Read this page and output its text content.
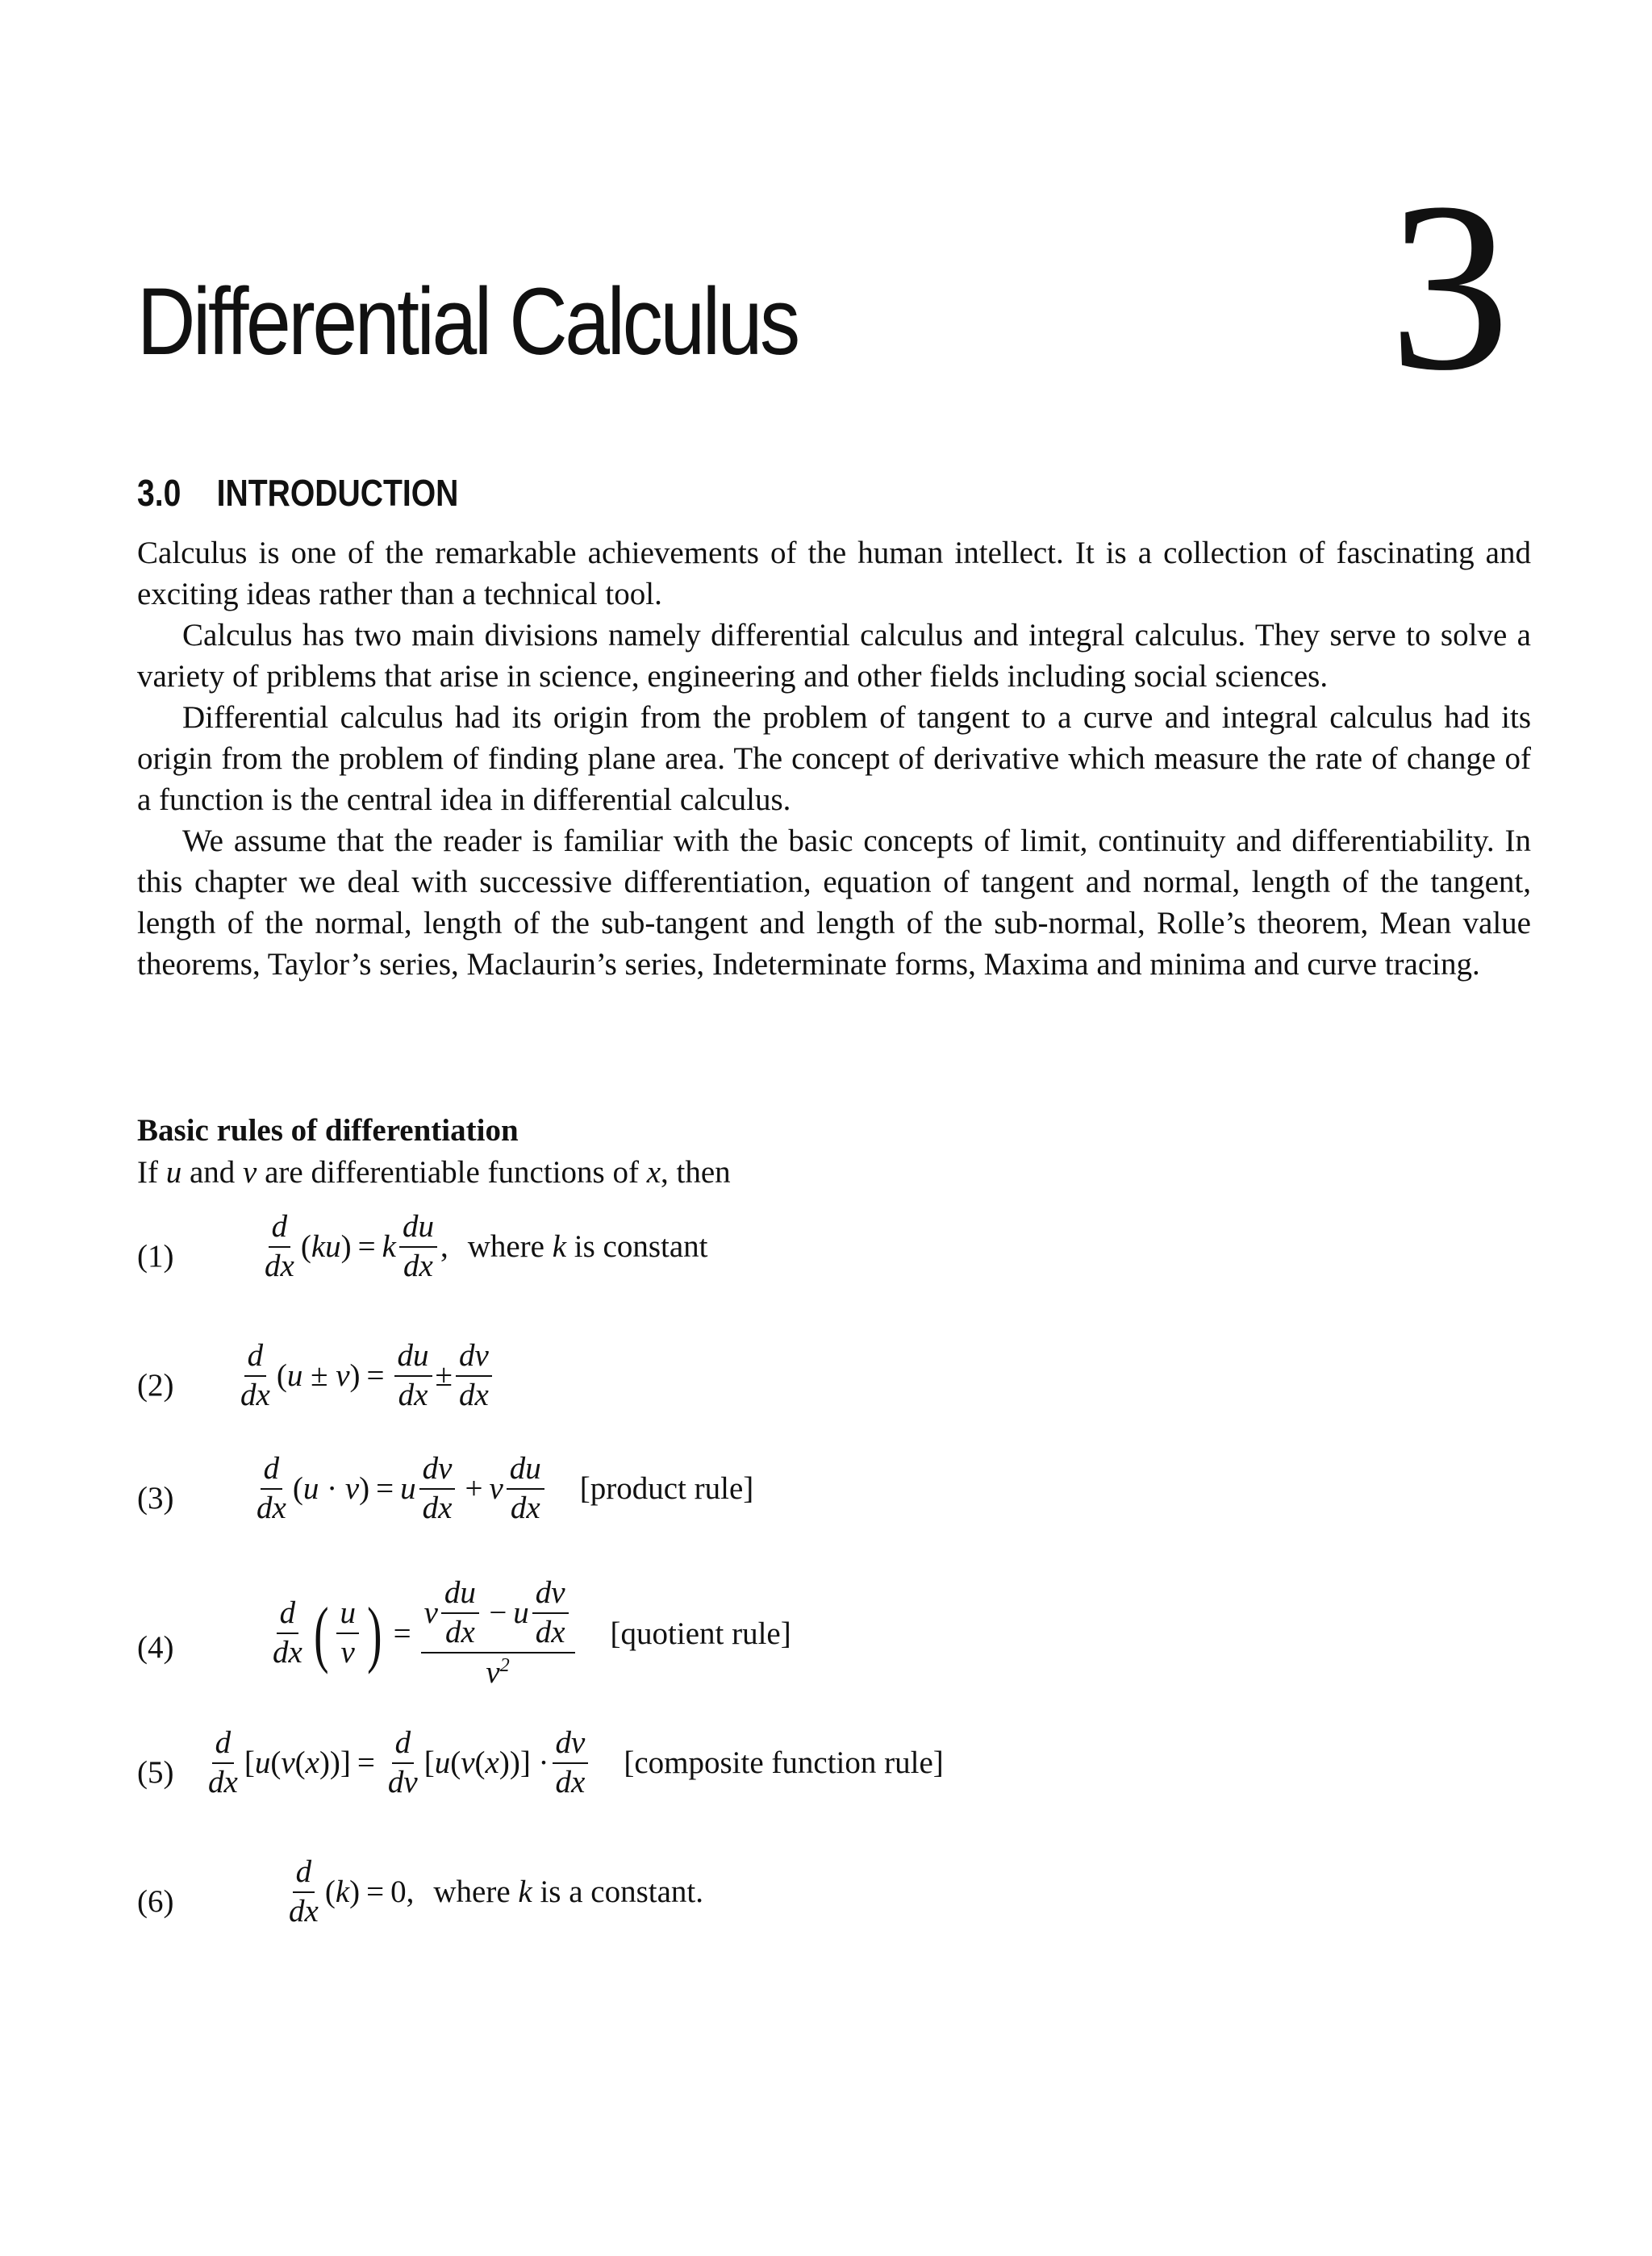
Differential Calculus 3
3.0 INTRODUCTION

Calculus is one of the remarkable achievements of the human intellect. It is a collection of fascinating and exciting ideas rather than a technical tool.

Calculus has two main divisions namely differential calculus and integral calculus. They serve to solve a variety of priblems that arise in science, engineering and other fields including social sciences.

Differential calculus had its origin from the problem of tangent to a curve and integral calculus had its origin from the problem of finding plane area. The concept of derivative which measure the rate of change of a function is the central idea in differential calculus.

We assume that the reader is familiar with the basic concepts of limit, continuity and differentiability. In this chapter we deal with successive differentiation, equation of tangent and normal, length of the tangent, length of the normal, length of the sub-tangent and length of the sub-normal, Rolle’s theorem, Mean value theorems, Taylor’s series, Maclaurin’s series, Indeterminate forms, Maxima and minima and curve tracing.

Basic rules of differentiation
If u and v are differentiable functions of x, then
(1)	$\frac{d}{dx} (ku) = k \frac{du}{dx}$ , where k is constant
$(2) \frac{d}{dx} (u \pm v) = \frac{du}{dx} \pm \frac{dv}{dx}$
(3)	$\frac{d}{dx} (u \cdot v) = u \frac{dv}{dx} + v \frac{du}{dx}$ [product rule]
(4)	$\frac{d}{dx}$ ( $\frac{u}{v}$ ) = $\frac{v \frac{du}{dx} - u \frac{dv}{dx}}{v^2}$ [quotient rule]
$(5) \frac{d}{dx} [u(v(x))] = \frac{d}{dv} [u(v(x))] \cdot \frac{dv}{dx}$ [composite function rule]
(6)	$\frac{d}{dx} (k) = 0$, where k is a constant.
